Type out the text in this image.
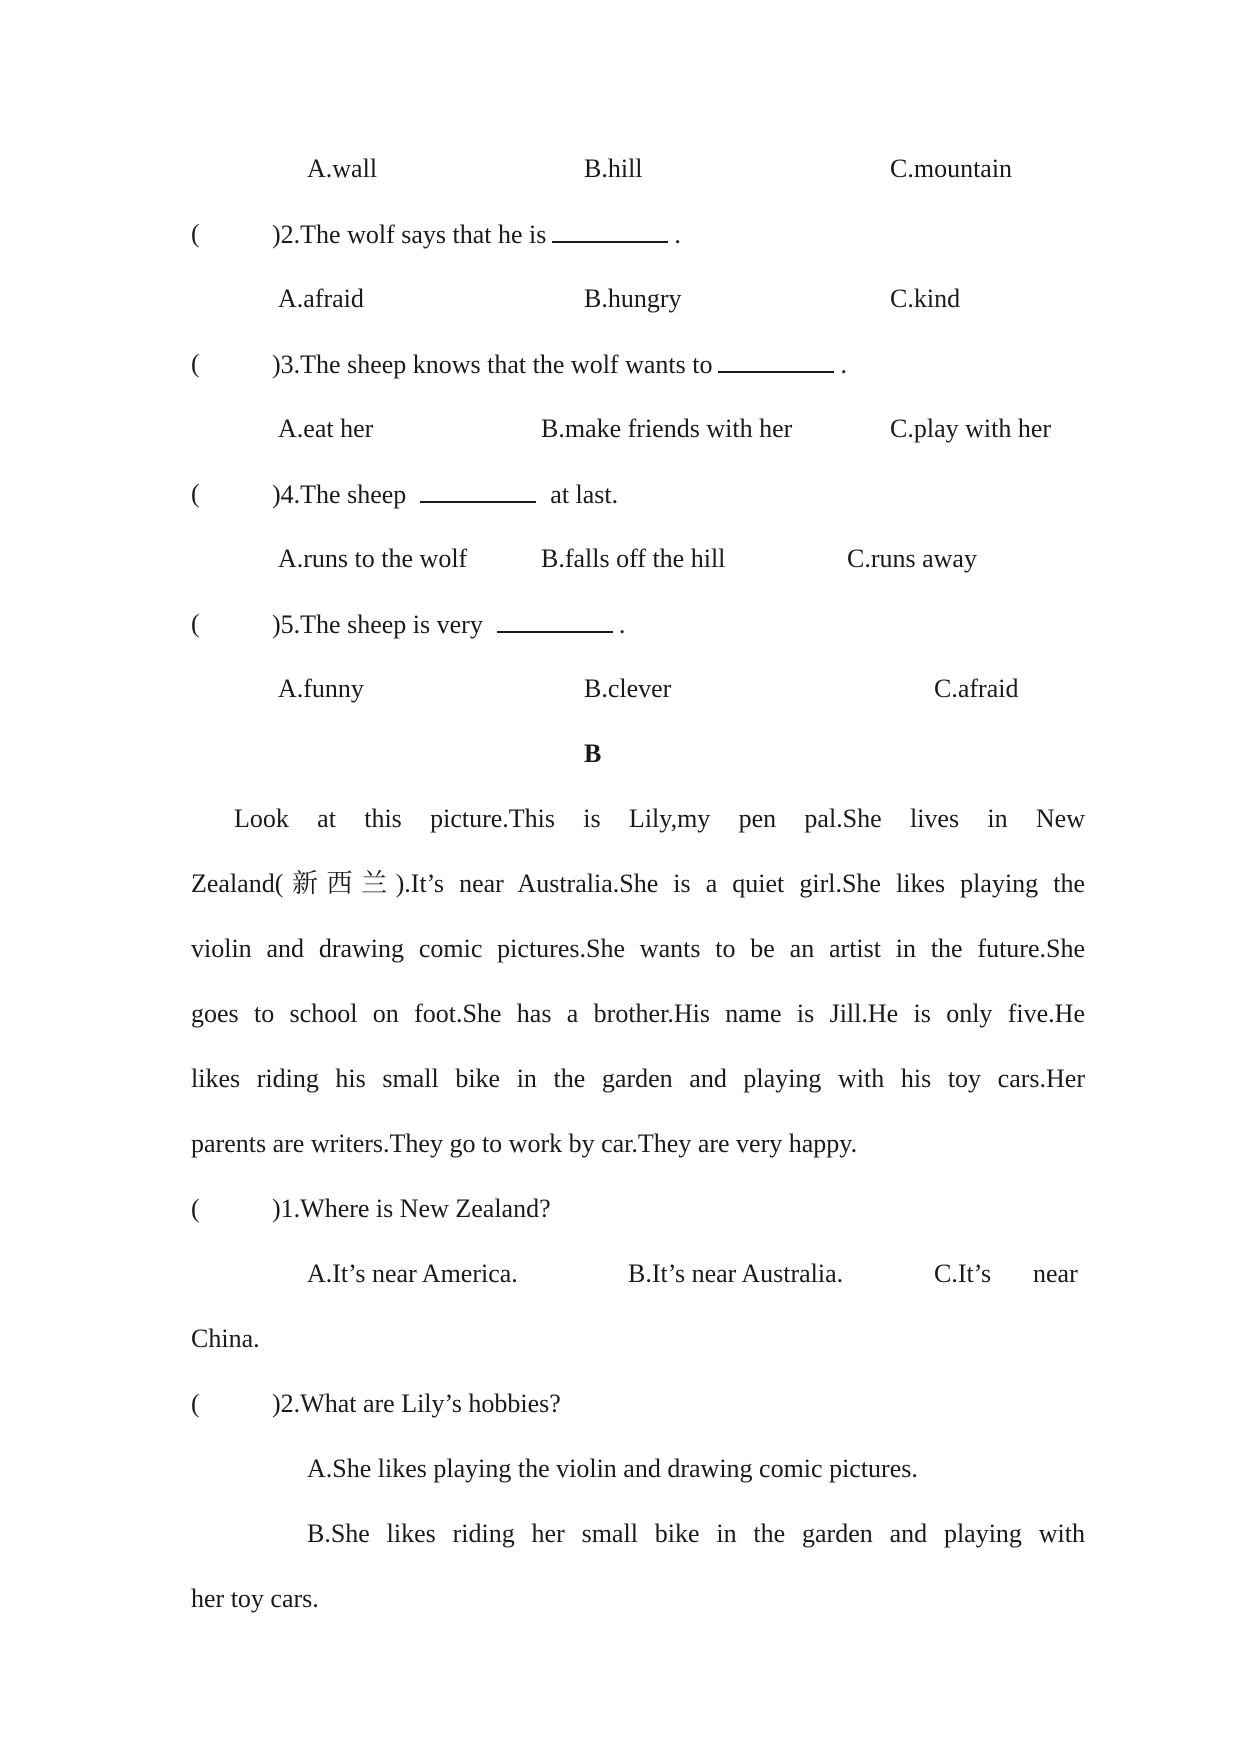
A.wall	B.hill	C.mountain
(	)2.The wolf says that he is	.
A.afraid	B.hungry	C.kind
(	)3.The sheep knows that the wolf wants to	.
A.eat her	B.make friends with her	C.play with her
(	)4.The sheep	at last.
A.runs to the wolf	B.falls off the hill	C.runs away
(	)5.The sheep is very	.
A.funny	B.clever	C.afraid
B
Look at this picture.This is Lily,my pen pal.She lives in New
Zealand(新西兰).It’s near Australia.She is a quiet girl.She likes playing the
violin and drawing comic pictures.She wants to be an artist in the future.She
goes to school on foot.She has a brother.His name is Jill.He is only five.He
likes riding his small bike in the garden and playing with his toy cars.Her
parents are writers.They go to work by car.They are very happy.
(	)1.Where is New Zealand?
A.It’s near America.	B.It’s near Australia.	C.It’s near
China.
(	)2.What are Lily’s hobbies?
A.She likes playing the violin and drawing comic pictures.
B.She likes riding her small bike in the garden and playing with
her toy cars.
